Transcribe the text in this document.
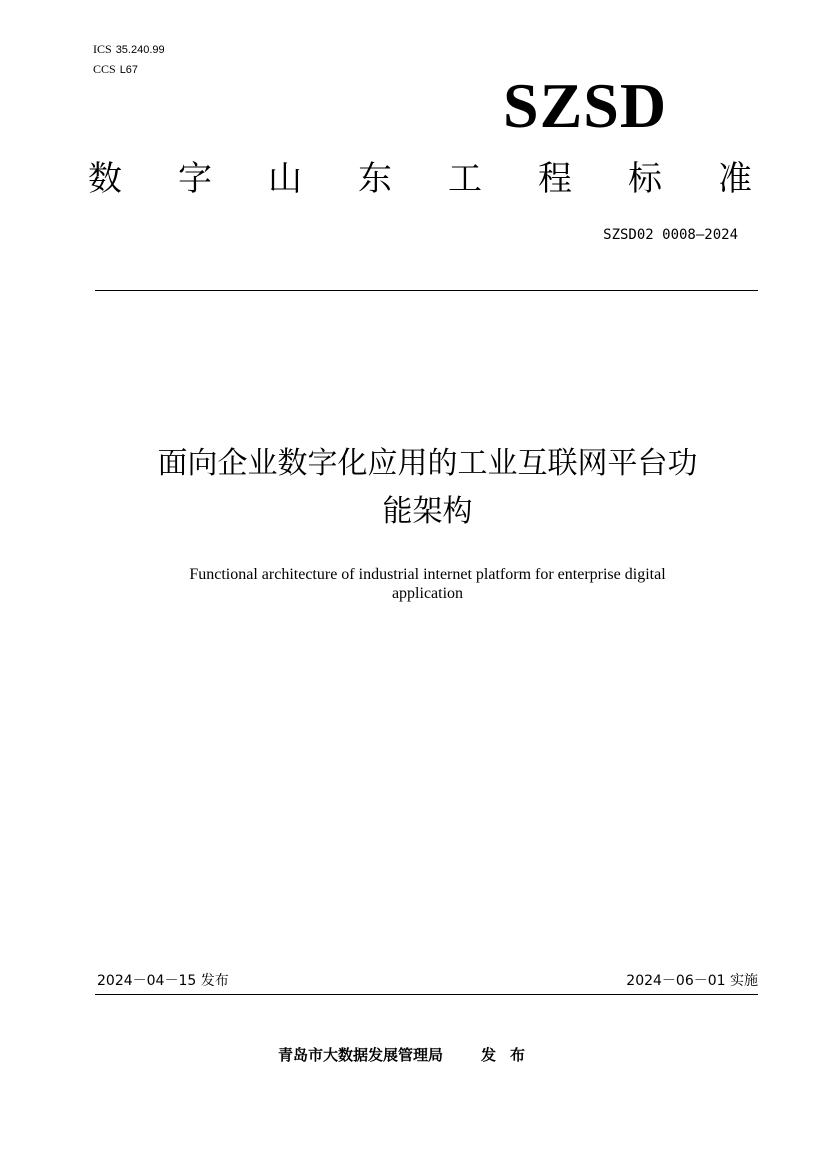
ICS 35.240.99
CCS L67	SZSD
数 字 山 东 工 程 标 准
SZSD02 0008—2024
面向企业数字化应用的工业互联网平台功
能架构
Functional architecture of industrial internet platform for enterprise digital
application
2024－04－15 发布	2024－06－01 实施
青岛市大数据发展管理局	发布
